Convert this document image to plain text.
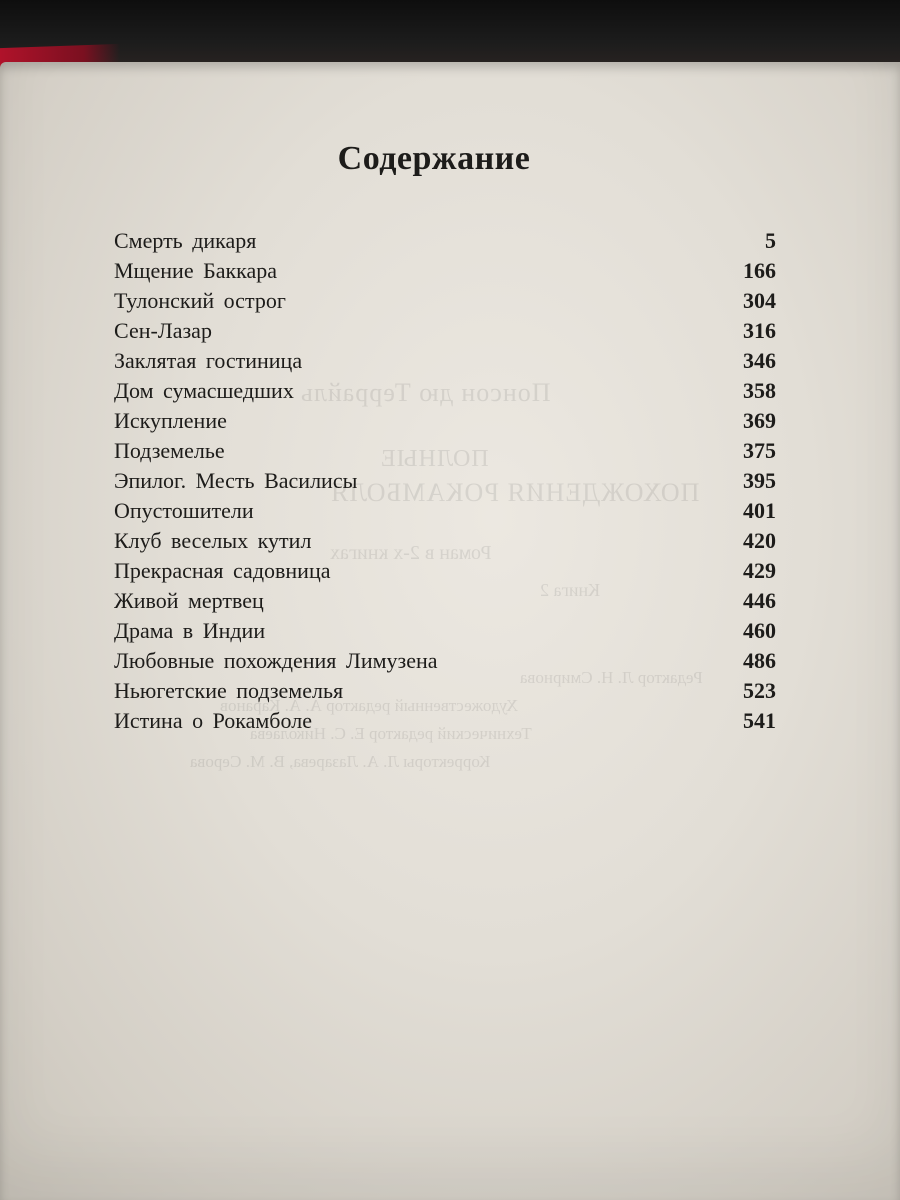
Содержание
Смерть дикаря	5
Мщение Баккара	166
Тулонский острог	304
Сен-Лазар	316
Заклятая гостиница	346
Дом сумасшедших	358
Искупление	369
Подземелье	375
Эпилог. Месть Василисы	395
Опустошители	401
Клуб веселых кутил	420
Прекрасная садовница	429
Живой мертвец	446
Драма в Индии	460
Любовные похождения Лимузена	486
Ньюгетские подземелья	523
Истина о Рокамболе	541
